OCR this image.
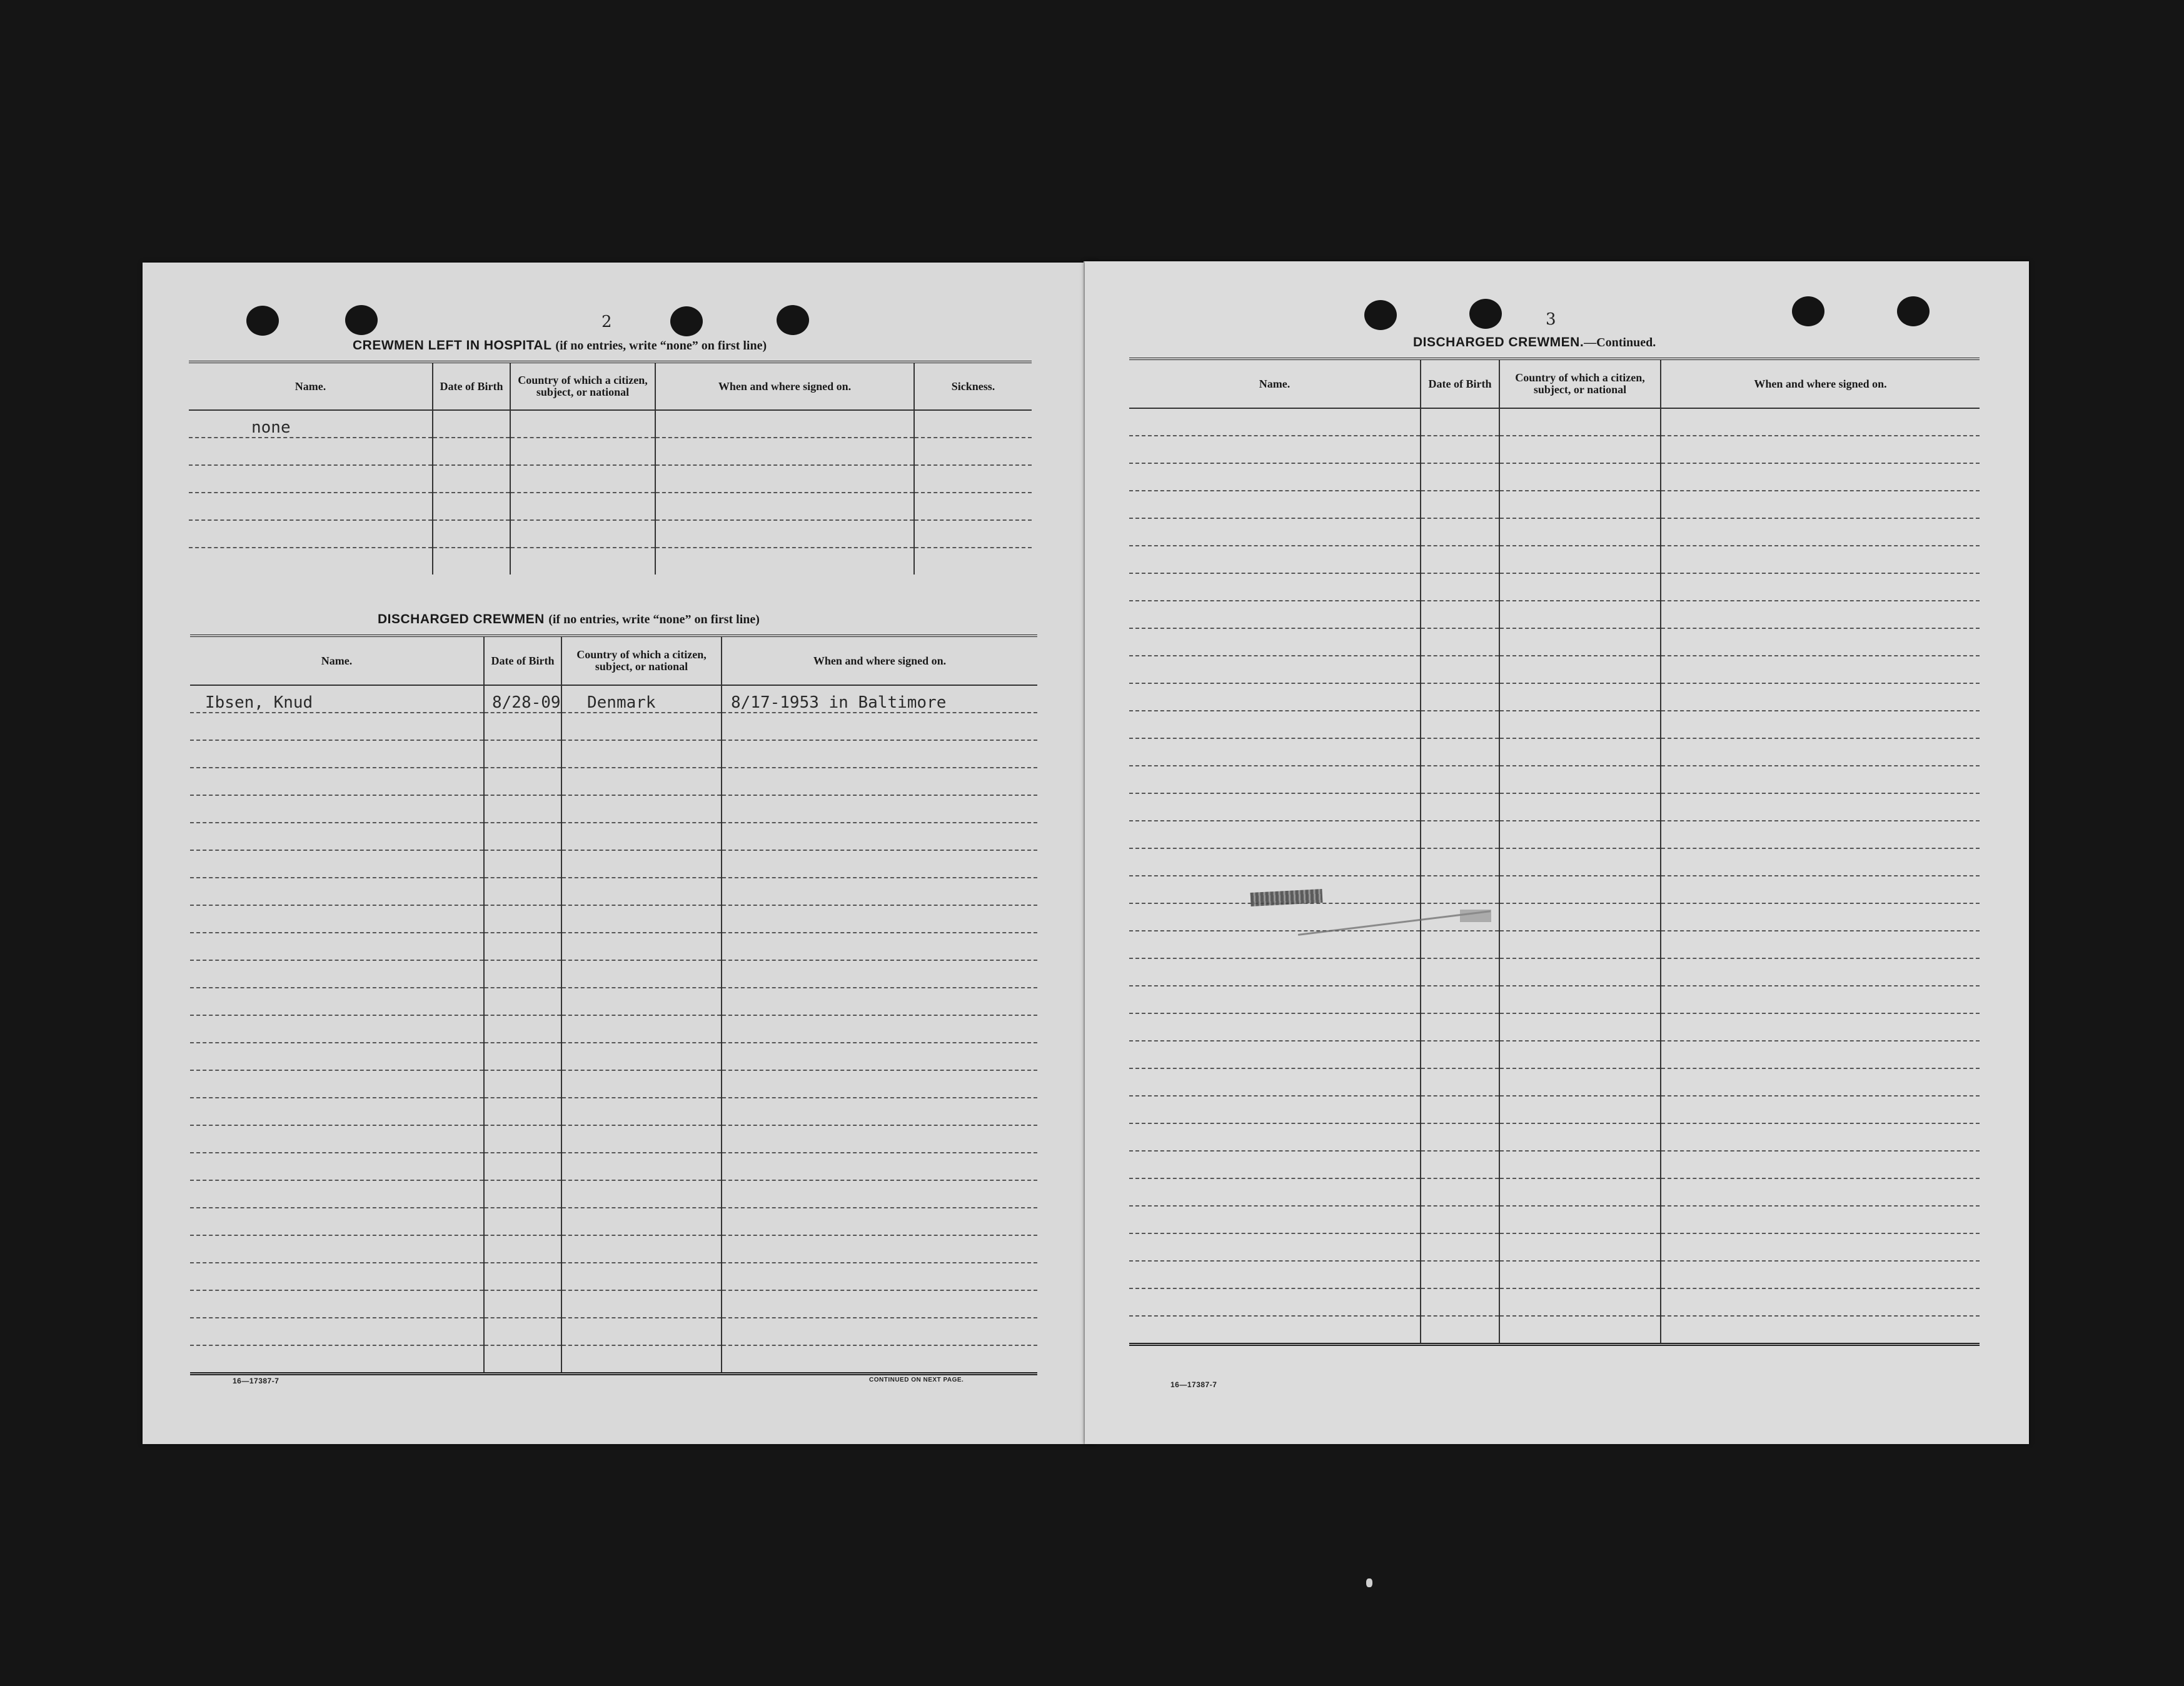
2
CREWMEN LEFT IN HOSPITAL (if no entries, write “none” on first line)
Name.	Date of Birth	Country of which a citizen, subject, or national	When and where signed on.	Sickness.
none				

DISCHARGED CREWMEN (if no entries, write “none” on first line)
Name.	Date of Birth	Country of which a citizen, subject, or national	When and where signed on.
Ibsen, Knud	8/28-09	Denmark	8/17-1953 in Baltimore

16—17387-7	CONTINUED ON NEXT PAGE.
3
DISCHARGED CREWMEN.—Continued.
Name.	Date of Birth	Country of which a citizen, subject, or national	When and where signed on.

16—17387-7
